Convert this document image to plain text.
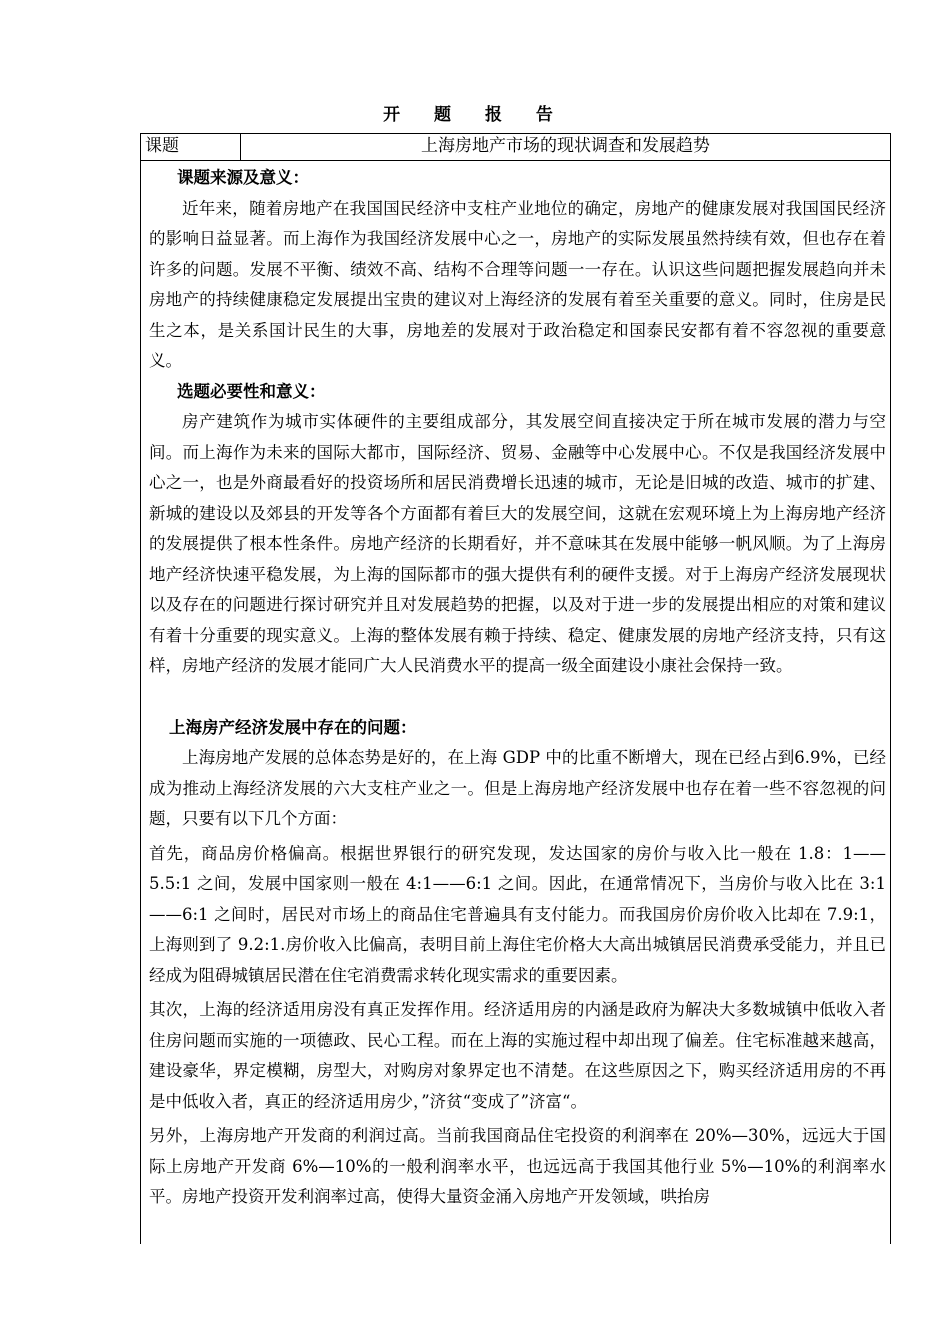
开 题 报 告
课题	上海房地产市场的现状调查和发展趋势

课题来源及意义：

近年来，随着房地产在我国国民经济中支柱产业地位的确定，房地产的健康发展对我国国民经济的影响日益显著。而上海作为我国经济发展中心之一，房地产的实际发展虽然持续有效，但也存在着许多的问题。发展不平衡、绩效不高、结构不合理等问题一一存在。认识这些问题把握发展趋向并未房地产的持续健康稳定发展提出宝贵的建议对上海经济的发展有着至关重要的意义。同时，住房是民生之本，是关系国计民生的大事，房地差的发展对于政治稳定和国泰民安都有着不容忽视的重要意义。

选题必要性和意义：

房产建筑作为城市实体硬件的主要组成部分，其发展空间直接决定于所在城市发展的潜力与空间。而上海作为未来的国际大都市，国际经济、贸易、金融等中心发展中心。不仅是我国经济发展中心之一，也是外商最看好的投资场所和居民消费增长迅速的城市，无论是旧城的改造、城市的扩建、新城的建设以及郊县的开发等各个方面都有着巨大的发展空间，这就在宏观环境上为上海房地产经济的发展提供了根本性条件。房地产经济的长期看好，并不意味其在发展中能够一帆风顺。为了上海房地产经济快速平稳发展，为上海的国际都市的强大提供有利的硬件支援。对于上海房产经济发展现状以及存在的问题进行探讨研究并且对发展趋势的把握，以及对于进一步的发展提出相应的对策和建议有着十分重要的现实意义。上海的整体发展有赖于持续、稳定、健康发展的房地产经济支持，只有这样，房地产经济的发展才能同广大人民消费水平的提高一级全面建设小康社会保持一致。

上海房产经济发展中存在的问题：

上海房地产发展的总体态势是好的，在上海 GDP 中的比重不断增大，现在已经占到6.9%，已经成为推动上海经济发展的六大支柱产业之一。但是上海房地产经济发展中也存在着一些不容忽视的问题，只要有以下几个方面：

首先，商品房价格偏高。根据世界银行的研究发现，发达国家的房价与收入比一般在 1.8：1——5.5:1 之间，发展中国家则一般在 4:1——6:1 之间。因此，在通常情况下，当房价与收入比在 3:1——6:1 之间时，居民对市场上的商品住宅普遍具有支付能力。而我国房价房价收入比却在 7.9:1，上海则到了 9.2:1.房价收入比偏高，表明目前上海住宅价格大大高出城镇居民消费承受能力，并且已经成为阻碍城镇居民潜在住宅消费需求转化现实需求的重要因素。

其次，上海的经济适用房没有真正发挥作用。经济适用房的内涵是政府为解决大多数城镇中低收入者住房问题而实施的一项德政、民心工程。而在上海的实施过程中却出现了偏差。住宅标准越来越高，建设豪华，界定模糊，房型大，对购房对象界定也不清楚。在这些原因之下，购买经济适用房的不再是中低收入者，真正的经济适用房少，”济贫“变成了”济富“。

另外，上海房地产开发商的利润过高。当前我国商品住宅投资的利润率在 20%—30%，远远大于国际上房地产开发商 6%—10%的一般利润率水平，也远远高于我国其他行业 5%—10%的利润率水平。房地产投资开发利润率过高，使得大量资金涌入房地产开发领域，哄抬房
